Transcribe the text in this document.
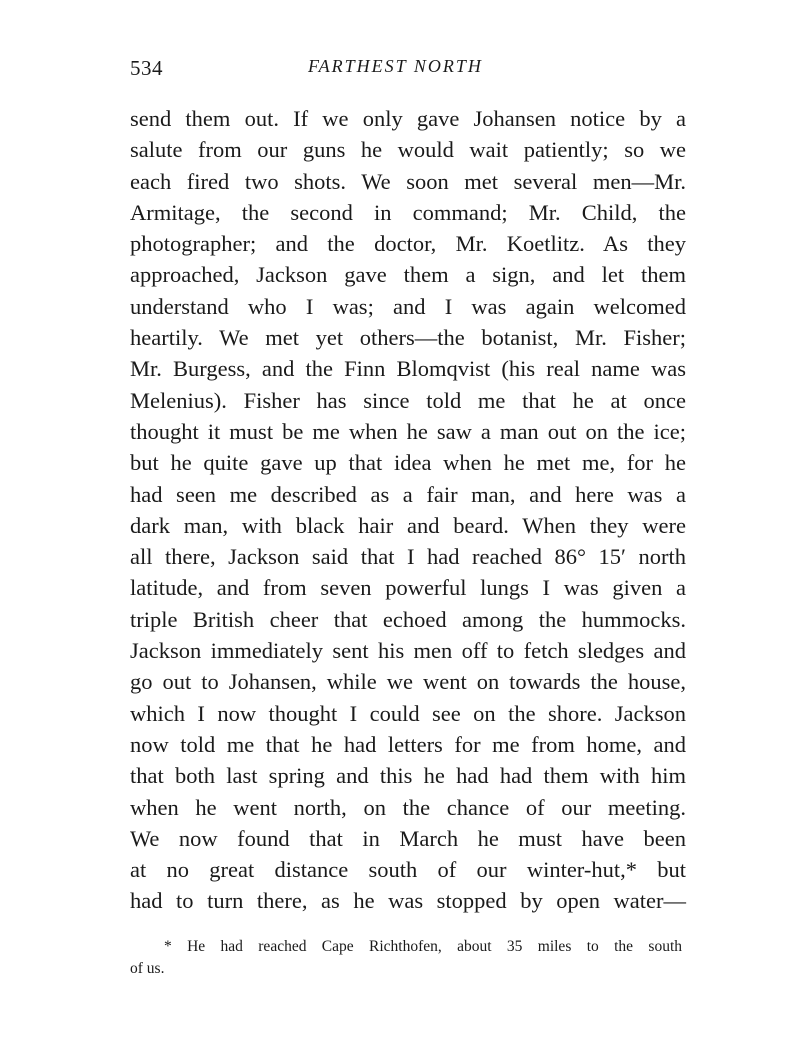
534	FARTHEST NORTH
send them out. If we only gave Johansen notice by a
salute from our guns he would wait patiently; so we
each fired two shots. We soon met several men—Mr.
Armitage, the second in command; Mr. Child, the
photographer; and the doctor, Mr. Koetlitz. As they
approached, Jackson gave them a sign, and let them
understand who I was; and I was again welcomed
heartily. We met yet others—the botanist, Mr. Fisher;
Mr. Burgess, and the Finn Blomqvist (his real name was
Melenius). Fisher has since told me that he at once
thought it must be me when he saw a man out on the ice;
but he quite gave up that idea when he met me, for he
had seen me described as a fair man, and here was a
dark man, with black hair and beard. When they were
all there, Jackson said that I had reached 86° 15′ north
latitude, and from seven powerful lungs I was given a
triple British cheer that echoed among the hummocks.
Jackson immediately sent his men off to fetch sledges and
go out to Johansen, while we went on towards the house,
which I now thought I could see on the shore. Jackson
now told me that he had letters for me from home, and
that both last spring and this he had had them with him
when he went north, on the chance of our meeting.
We now found that in March he must have been
at no great distance south of our winter-hut,* but
had to turn there, as he was stopped by open water—
* He had reached Cape Richthofen, about 35 miles to the south
of us.
